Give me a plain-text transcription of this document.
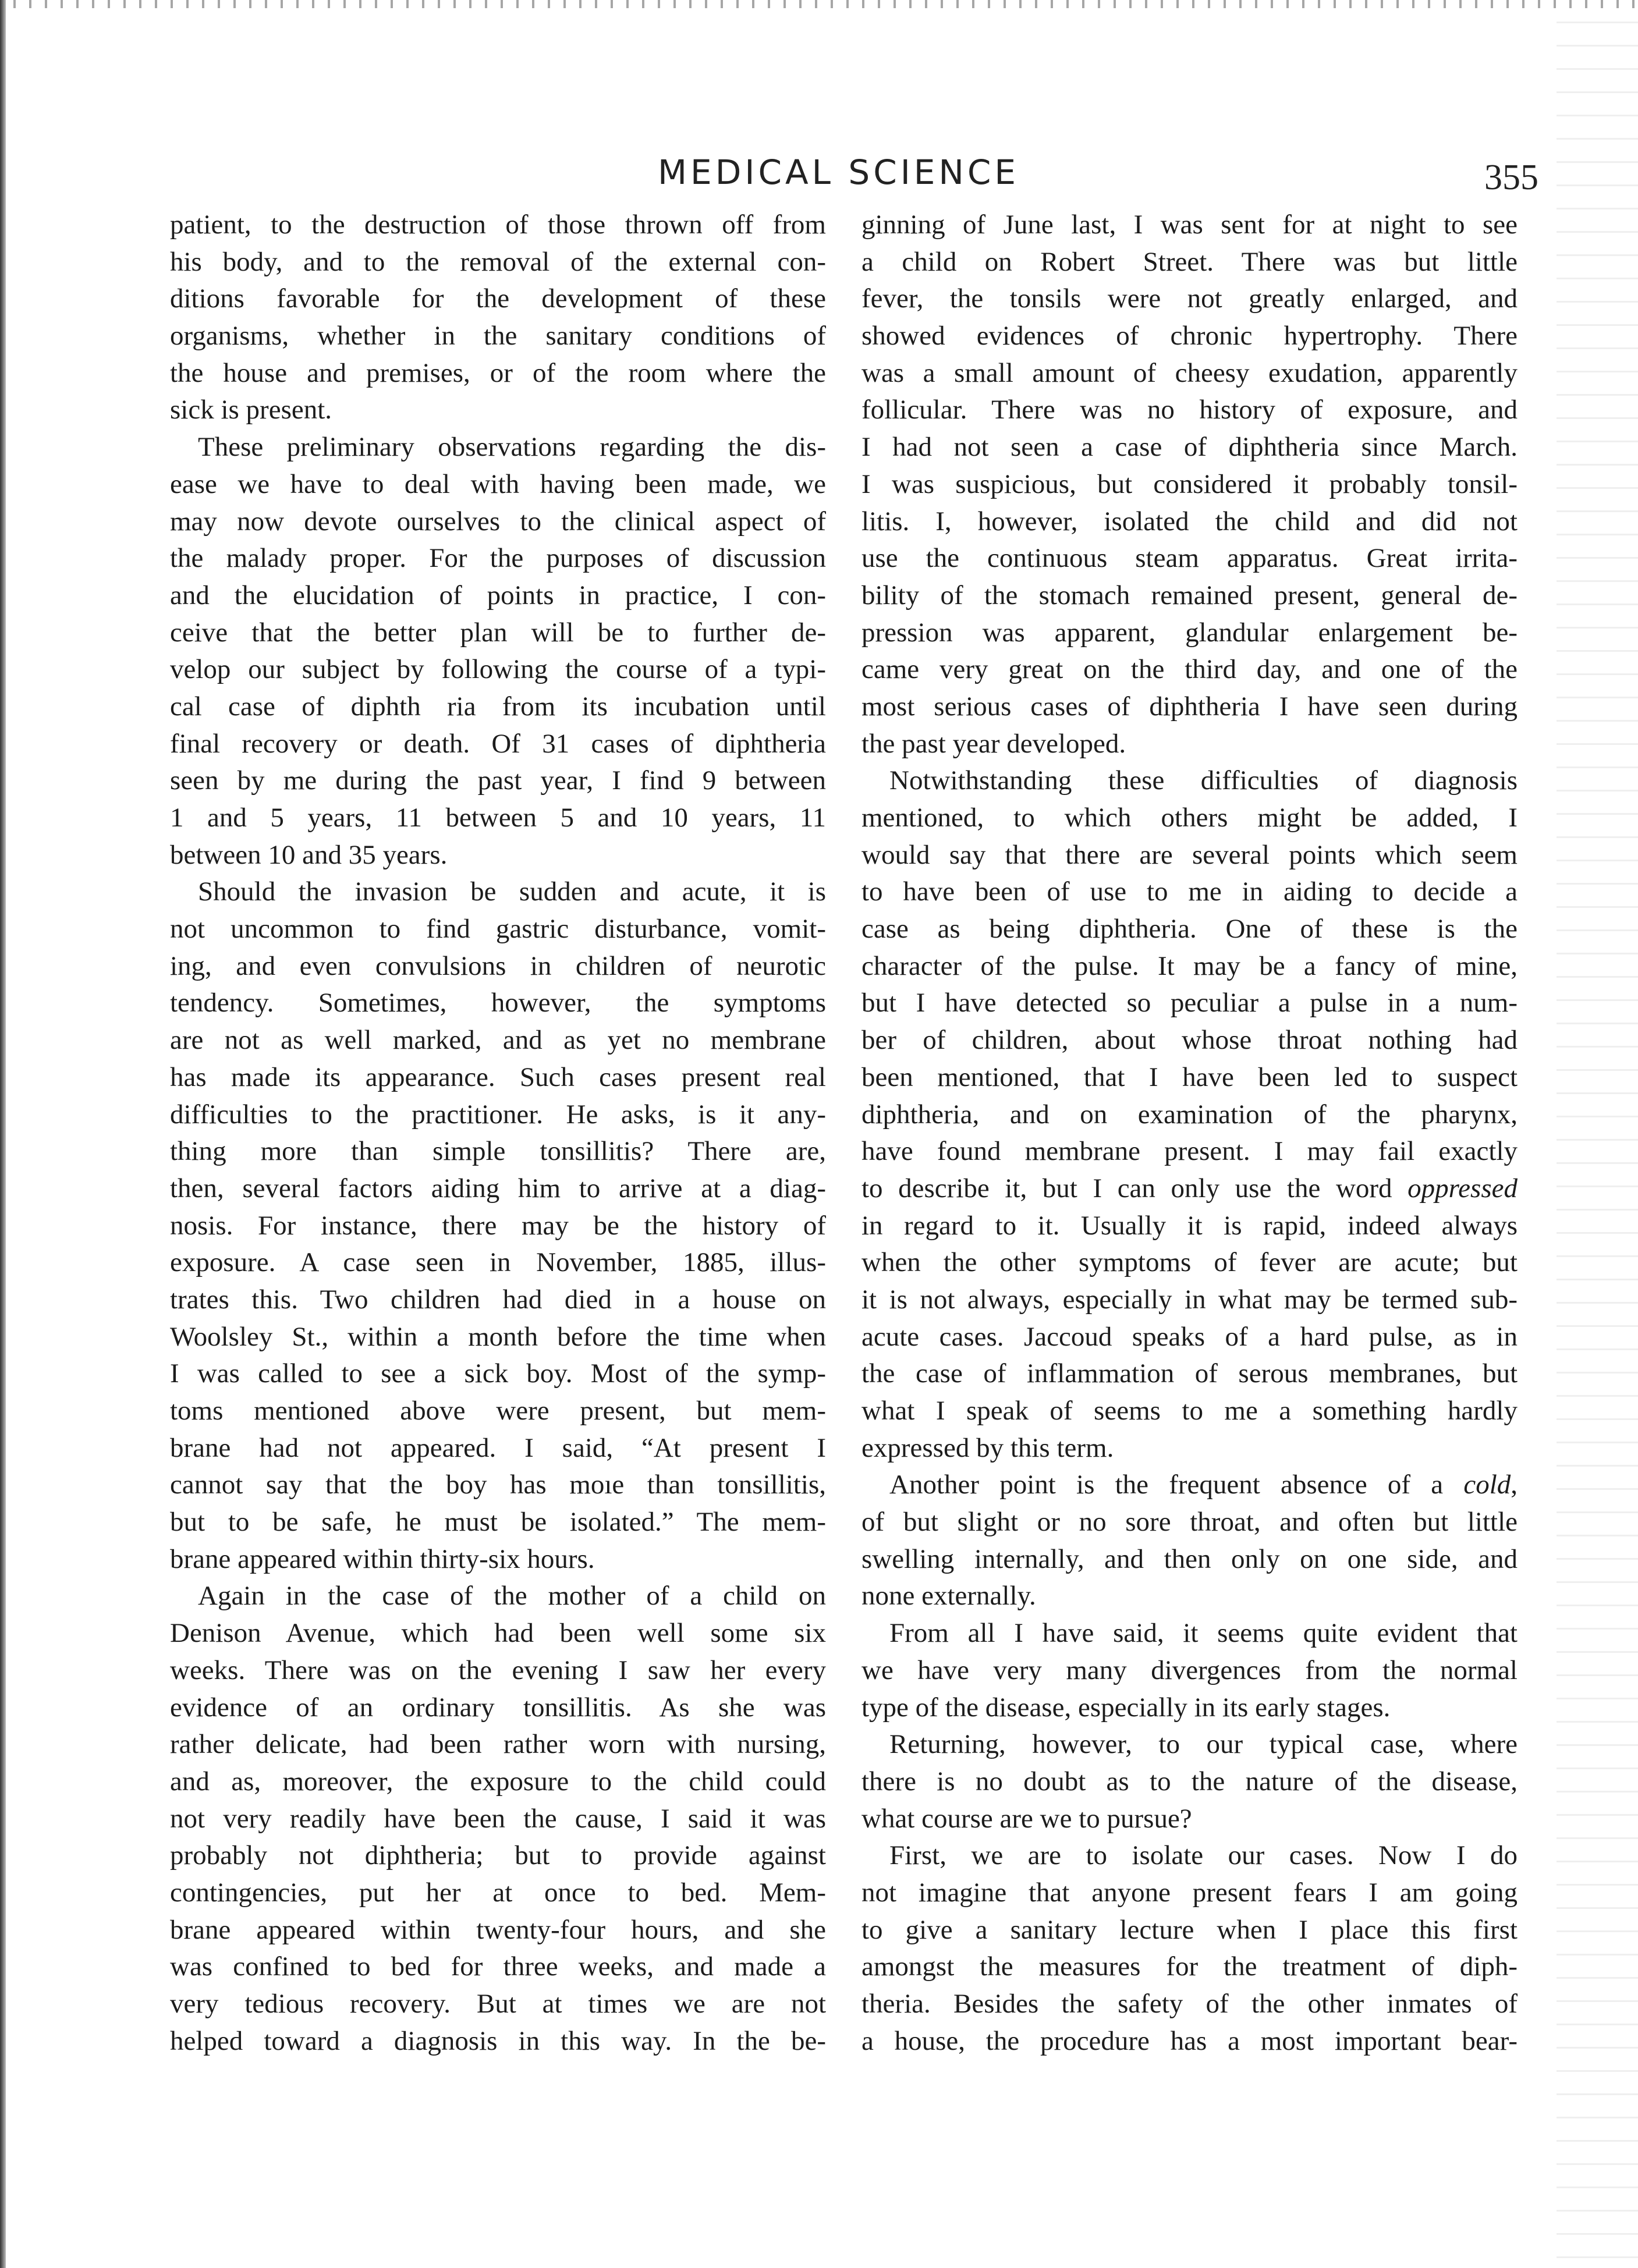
MEDICAL SCIENCE	355
patient, to the destruction of those thrown off from
his body, and to the removal of the external con-
ditions favorable for the development of these
organisms, whether in the sanitary conditions of
the house and premises, or of the room where the
sick is present.
These preliminary observations regarding the dis-
ease we have to deal with having been made, we
may now devote ourselves to the clinical aspect of
the malady proper. For the purposes of discussion
and the elucidation of points in practice, I con-
ceive that the better plan will be to further de-
velop our subject by following the course of a typi-
cal case of diphth ria from its incubation until
final recovery or death. Of 31 cases of diphtheria
seen by me during the past year, I find 9 between
1 and 5 years, 11 between 5 and 10 years, 11
between 10 and 35 years.
Should the invasion be sudden and acute, it is
not uncommon to find gastric disturbance, vomit-
ing, and even convulsions in children of neurotic
tendency. Sometimes, however, the symptoms
are not as well marked, and as yet no membrane
has made its appearance. Such cases present real
difficulties to the practitioner. He asks, is it any-
thing more than simple tonsillitis? There are,
then, several factors aiding him to arrive at a diag-
nosis. For instance, there may be the history of
exposure. A case seen in November, 1885, illus-
trates this. Two children had died in a house on
Woolsley St., within a month before the time when
I was called to see a sick boy. Most of the symp-
toms mentioned above were present, but mem-
brane had not appeared. I said, “At present I
cannot say that the boy has moıe than tonsillitis,
but to be safe, he must be isolated.” The mem-
brane appeared within thirty-six hours.
Again in the case of the mother of a child on
Denison Avenue, which had been well some six
weeks. There was on the evening I saw her every
evidence of an ordinary tonsillitis. As she was
rather delicate, had been rather worn with nursing,
and as, moreover, the exposure to the child could
not very readily have been the cause, I said it was
probably not diphtheria; but to provide against
contingencies, put her at once to bed. Mem-
brane appeared within twenty-four hours, and she
was confined to bed for three weeks, and made a
very tedious recovery. But at times we are not
helped toward a diagnosis in this way. In the be-
ginning of June last, I was sent for at night to see
a child on Robert Street. There was but little
fever, the tonsils were not greatly enlarged, and
showed evidences of chronic hypertrophy. There
was a small amount of cheesy exudation, apparently
follicular. There was no history of exposure, and
I had not seen a case of diphtheria since March.
I was suspicious, but considered it probably tonsil-
litis. I, however, isolated the child and did not
use the continuous steam apparatus. Great irrita-
bility of the stomach remained present, general de-
pression was apparent, glandular enlargement be-
came very great on the third day, and one of the
most serious cases of diphtheria I have seen during
the past year developed.
Notwithstanding these difficulties of diagnosis
mentioned, to which others might be added, I
would say that there are several points which seem
to have been of use to me in aiding to decide a
case as being diphtheria. One of these is the
character of the pulse. It may be a fancy of mine,
but I have detected so peculiar a pulse in a num-
ber of children, about whose throat nothing had
been mentioned, that I have been led to suspect
diphtheria, and on examination of the pharynx,
have found membrane present. I may fail exactly
to describe it, but I can only use the word oppressed
in regard to it. Usually it is rapid, indeed always
when the other symptoms of fever are acute; but
it is not always, especially in what may be termed sub-
acute cases. Jaccoud speaks of a hard pulse, as in
the case of inflammation of serous membranes, but
what I speak of seems to me a something hardly
expressed by this term.
Another point is the frequent absence of a cold,
of but slight or no sore throat, and often but little
swelling internally, and then only on one side, and
none externally.
From all I have said, it seems quite evident that
we have very many divergences from the normal
type of the disease, especially in its early stages.
Returning, however, to our typical case, where
there is no doubt as to the nature of the disease,
what course are we to pursue?
First, we are to isolate our cases. Now I do
not imagine that anyone present fears I am going
to give a sanitary lecture when I place this first
amongst the measures for the treatment of diph-
theria. Besides the safety of the other inmates of
a house, the procedure has a most important bear-
